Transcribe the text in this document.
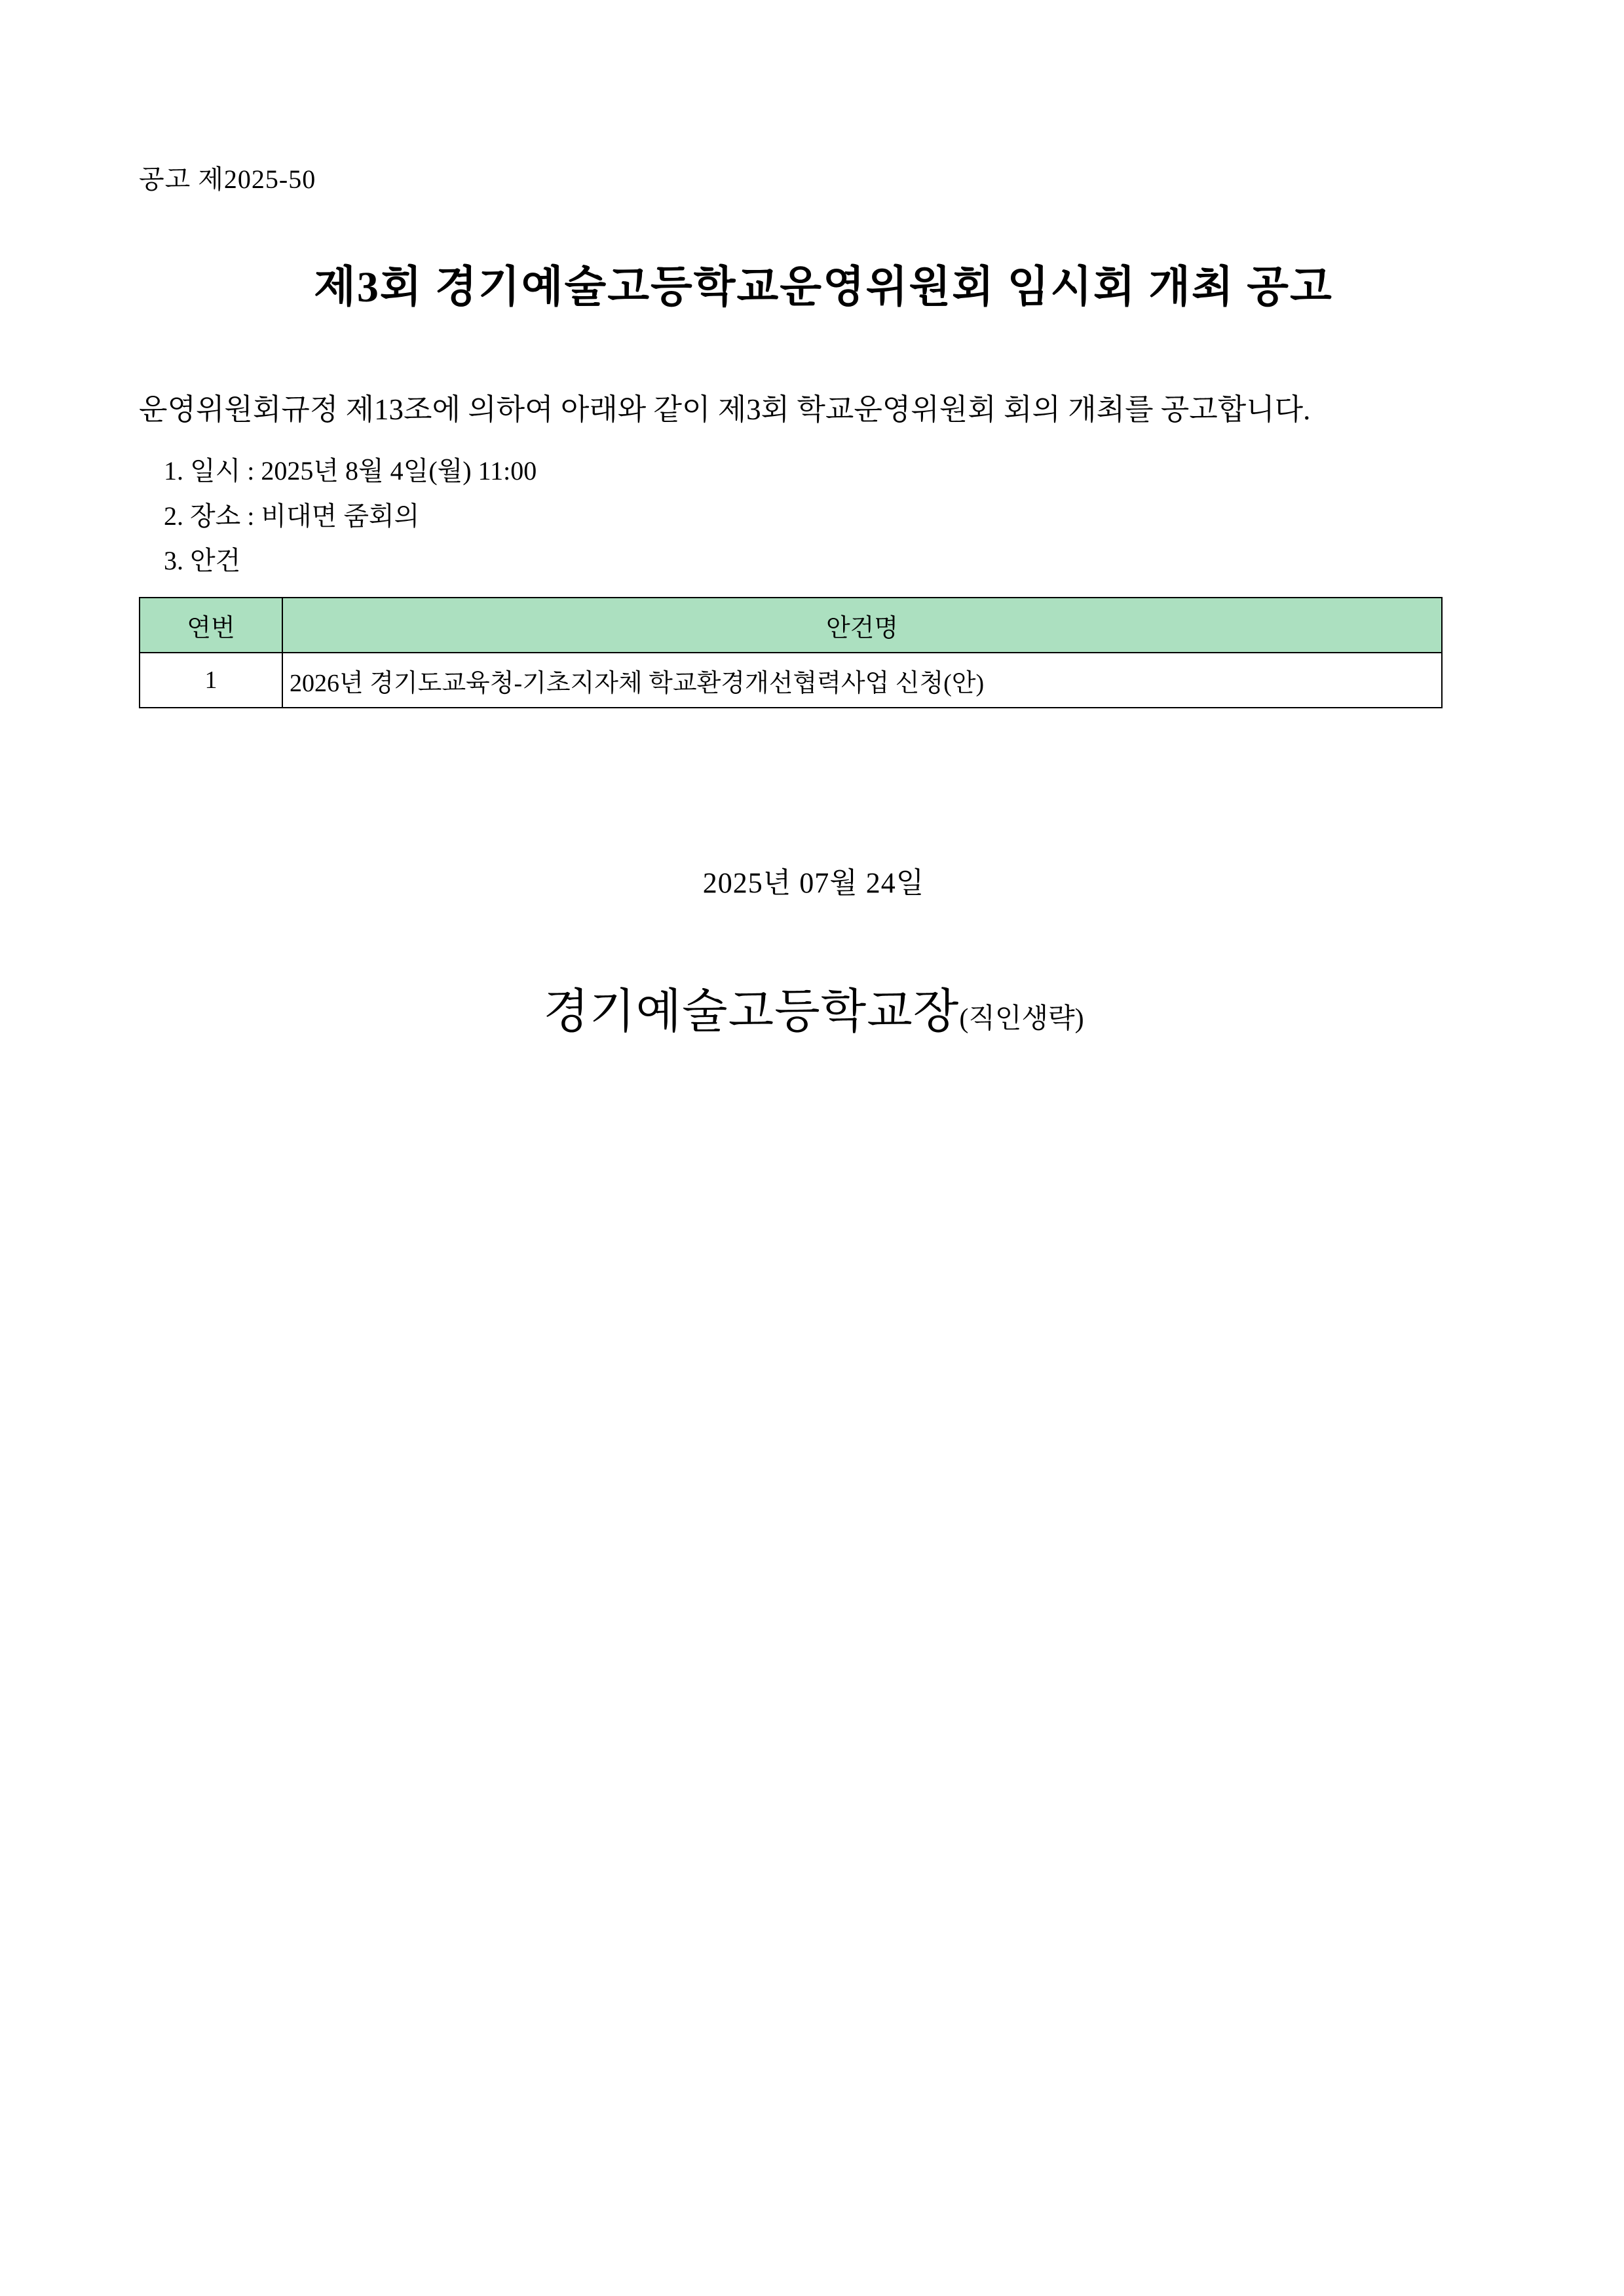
공고 제2025-50
제3회 경기예술고등학교운영위원회 임시회 개최 공고

운영위원회규정 제13조에 의하여 아래와 같이 제3회 학교운영위원회 회의 개최를 공고합니다.

1. 일시 : 2025년 8월 4일(월) 11:00
2. 장소 : 비대면 줌회의
3. 안건
연번	안건명
1	2026년 경기도교육청-기초지자체 학교환경개선협력사업 신청(안)
2025년 07월 24일
경기예술고등학교장(직인생략)
